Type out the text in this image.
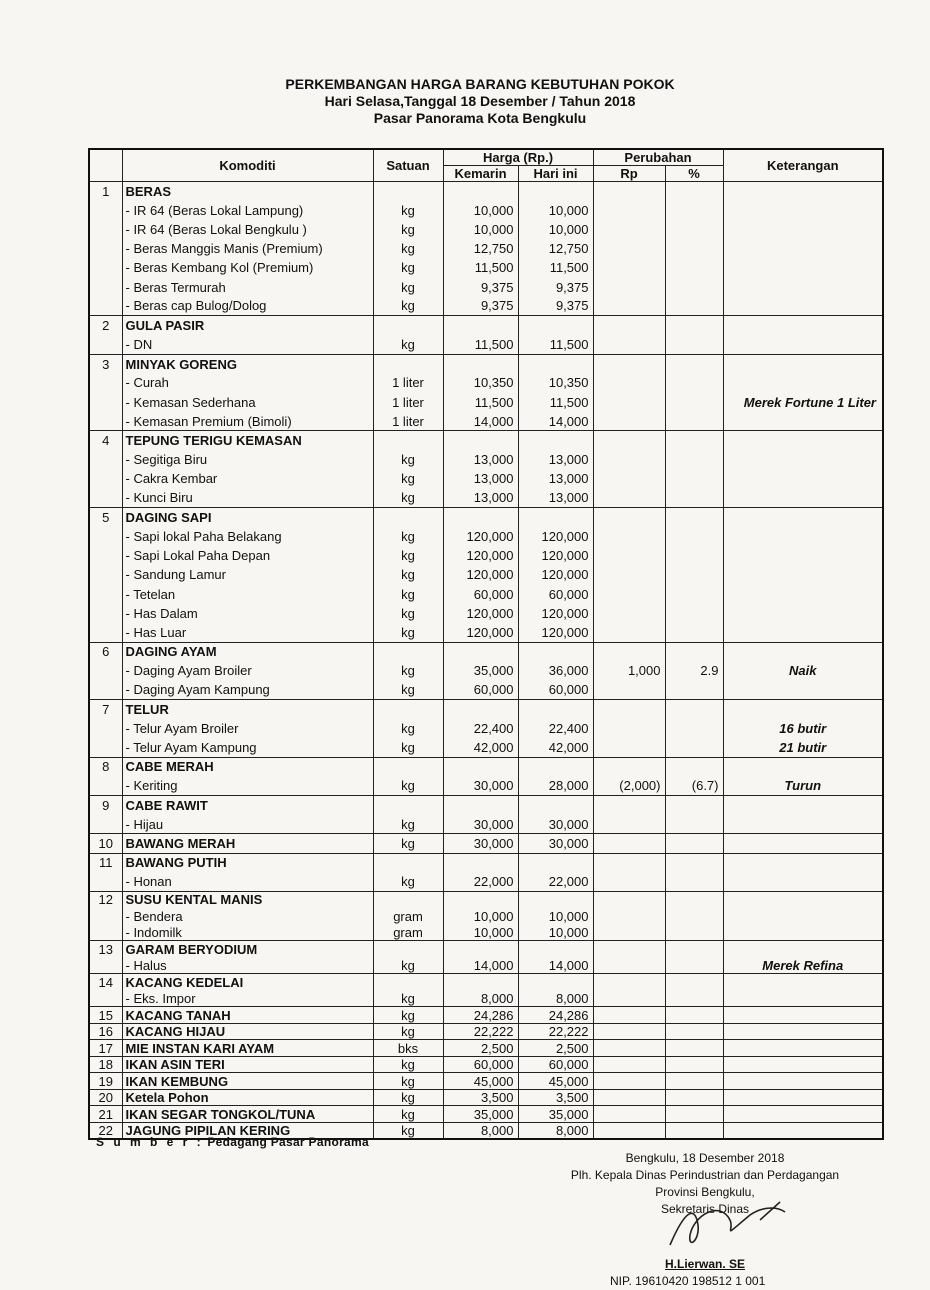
PERKEMBANGAN HARGA BARANG KEBUTUHAN POKOK
Hari Selasa,Tanggal 18 Desember / Tahun 2018
Pasar Panorama Kota Bengkulu
	Komoditi	Satuan	Harga (Rp.)		Perubahan		Keterangan
			Kemarin	Hari ini	Rp	%	
1	BERAS						
	- IR 64 (Beras Lokal Lampung)	kg	10,000	10,000			
	- IR 64 (Beras Lokal Bengkulu )	kg	10,000	10,000			
	- Beras Manggis Manis (Premium)	kg	12,750	12,750			
	- Beras Kembang Kol (Premium)	kg	11,500	11,500			
	- Beras Termurah	kg	9,375	9,375			
	- Beras cap Bulog/Dolog	kg	9,375	9,375			
2	GULA PASIR						
	- DN	kg	11,500	11,500			
3	MINYAK GORENG						
	- Curah	1 liter	10,350	10,350			
	- Kemasan Sederhana	1 liter	11,500	11,500			Merek Fortune 1 Liter
	- Kemasan Premium (Bimoli)	1 liter	14,000	14,000			
4	TEPUNG TERIGU KEMASAN						
	- Segitiga Biru	kg	13,000	13,000			
	- Cakra Kembar	kg	13,000	13,000			
	- Kunci Biru	kg	13,000	13,000			
5	DAGING SAPI						
	- Sapi lokal Paha Belakang	kg	120,000	120,000			
	- Sapi Lokal Paha Depan	kg	120,000	120,000			
	- Sandung Lamur	kg	120,000	120,000			
	- Tetelan	kg	60,000	60,000			
	- Has Dalam	kg	120,000	120,000			
	- Has Luar	kg	120,000	120,000			
6	DAGING AYAM						
	- Daging Ayam Broiler	kg	35,000	36,000	1,000	2.9	Naik
	- Daging Ayam Kampung	kg	60,000	60,000			
7	TELUR						
	- Telur Ayam Broiler	kg	22,400	22,400			16 butir
	- Telur Ayam Kampung	kg	42,000	42,000			21 butir
8	CABE MERAH						
	- Keriting	kg	30,000	28,000	(2,000)	(6.7)	Turun
9	CABE RAWIT						
	- Hijau	kg	30,000	30,000			
10	BAWANG MERAH	kg	30,000	30,000			
11	BAWANG PUTIH						
	- Honan	kg	22,000	22,000			
12	SUSU KENTAL MANIS						
	- Bendera	gram	10,000	10,000			
	- Indomilk	gram	10,000	10,000			
13	GARAM BERYODIUM						
	- Halus	kg	14,000	14,000			Merek Refina
14	KACANG KEDELAI						
	- Eks. Impor	kg	8,000	8,000			
15	KACANG TANAH	kg	24,286	24,286			
16	KACANG HIJAU	kg	22,222	22,222			
17	MIE INSTAN KARI AYAM	bks	2,500	2,500			
18	IKAN ASIN TERI	kg	60,000	60,000			
19	IKAN KEMBUNG	kg	45,000	45,000			
20	Ketela Pohon	kg	3,500	3,500			
21	IKAN SEGAR TONGKOL/TUNA	kg	35,000	35,000			
22	JAGUNG PIPILAN KERING	kg	8,000	8,000			
S u m b e r : Pedagang Pasar Panorama
Bengkulu, 18 Desember 2018
Plh. Kepala Dinas Perindustrian dan Perdagangan
Provinsi Bengkulu,
Sekretaris Dinas
H.Lierwan. SE
NIP. 19610420 198512 1 001
